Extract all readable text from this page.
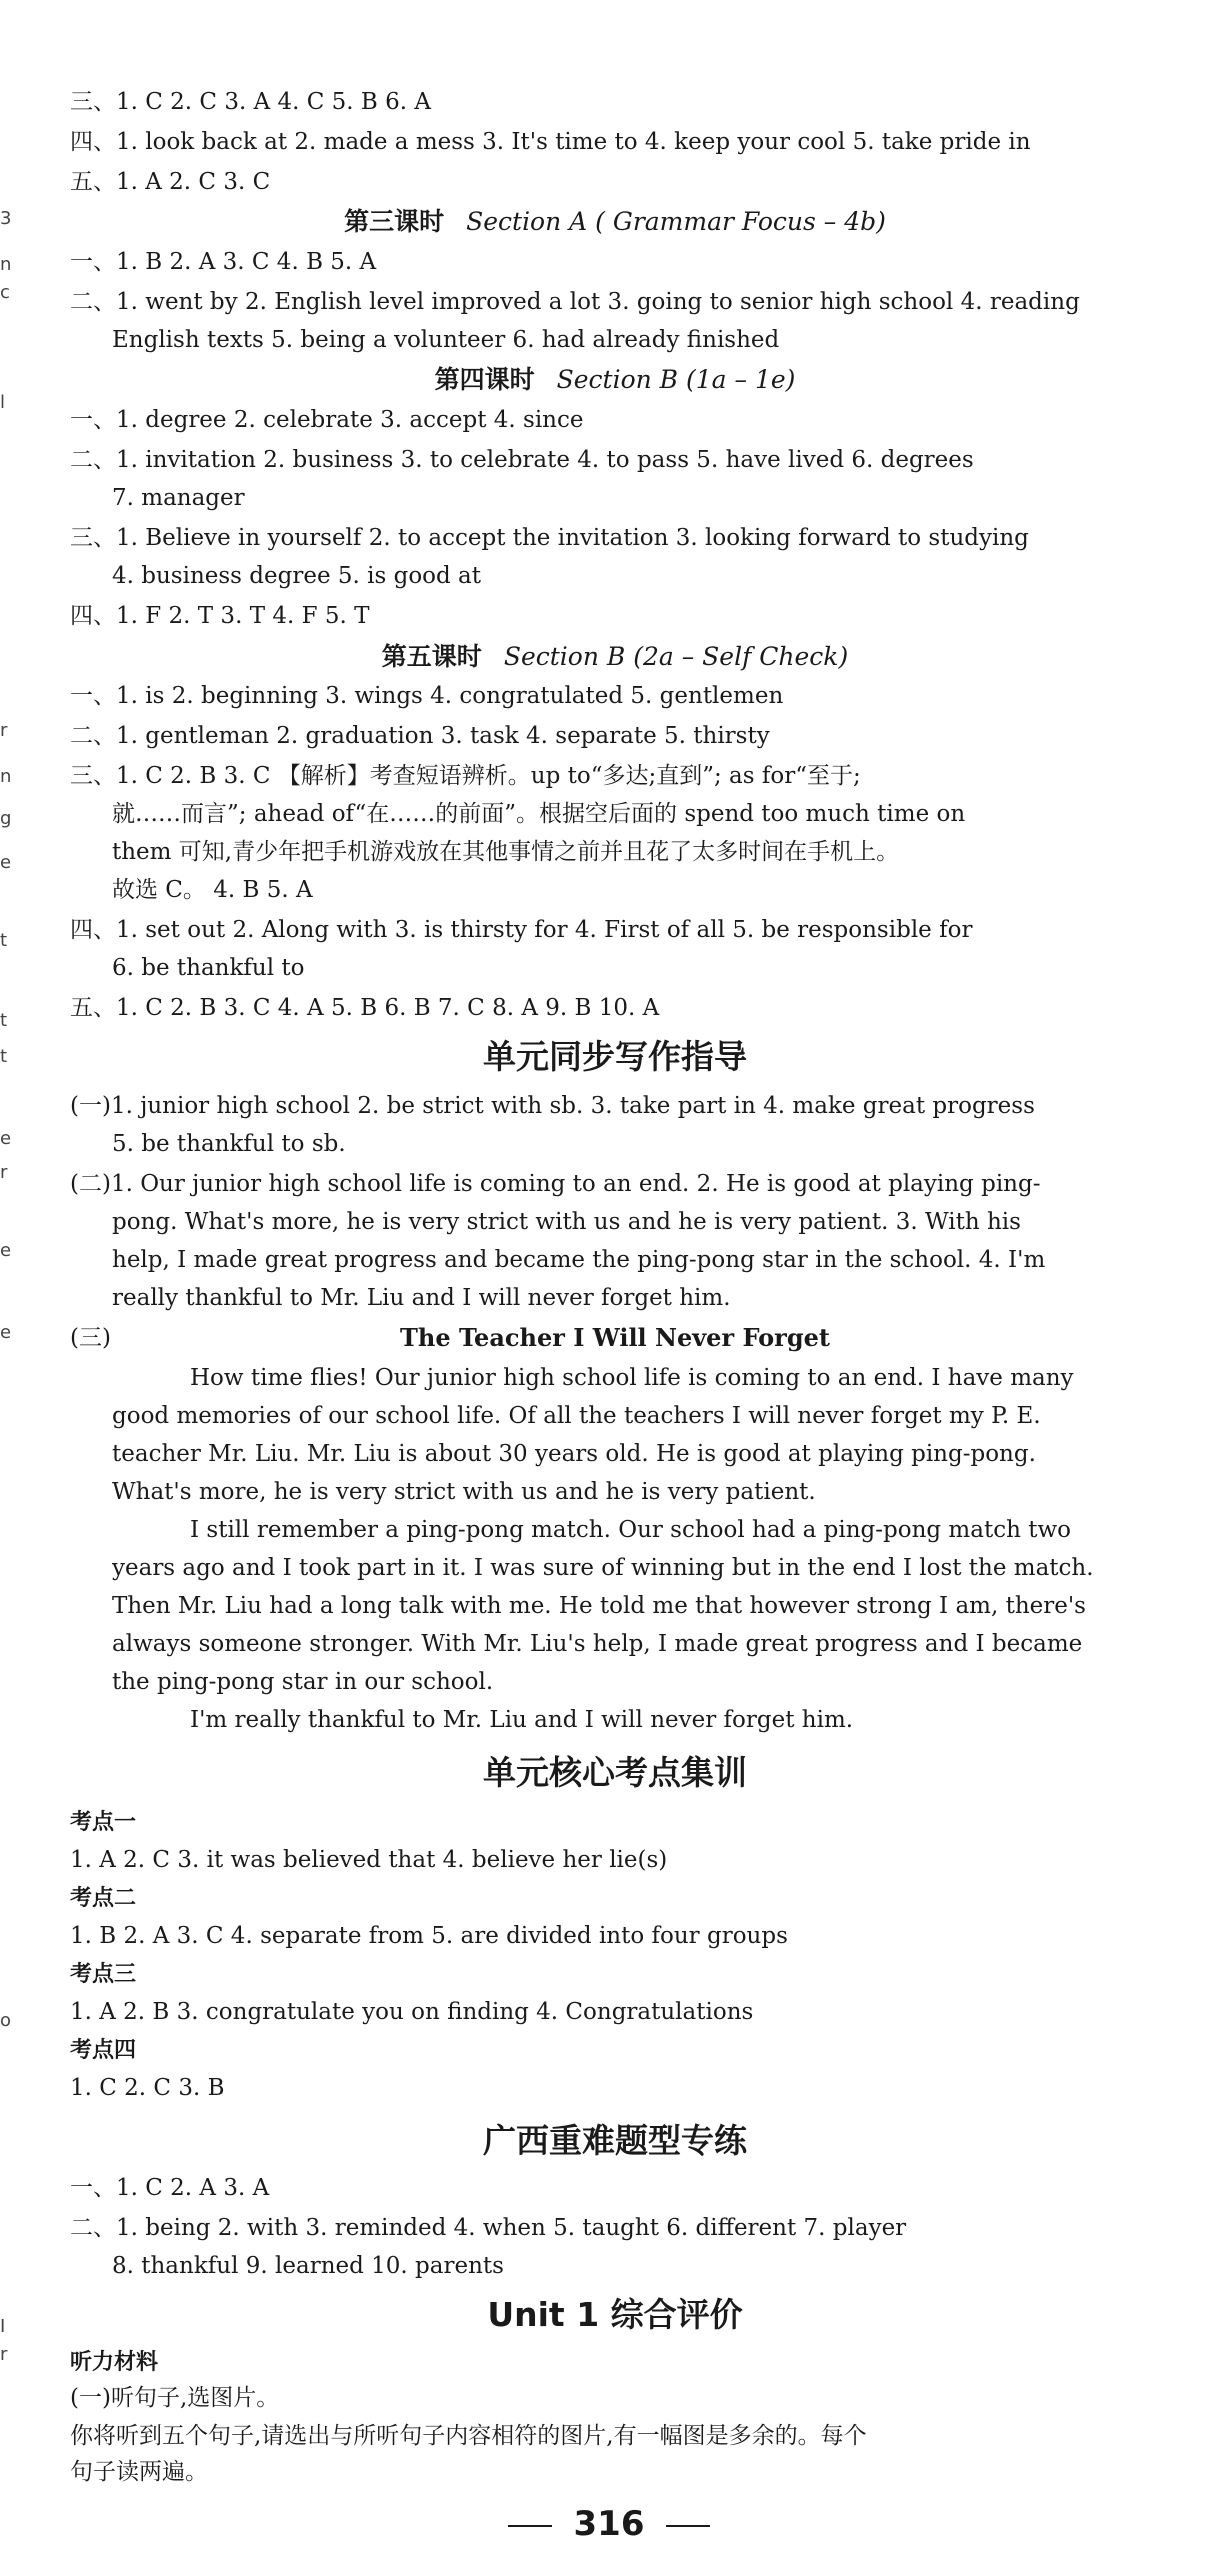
3
n
c
l
r
n
g
e
t
t
t
e
r
e
e
o
I
r
三、1. C 2. C 3. A 4. C 5. B 6. A
四、1. look back at 2. made a mess 3. It's time to 4. keep your cool 5. take pride in
五、1. A 2. C 3. C
第三课时 Section A ( Grammar Focus – 4b)
一、1. B 2. A 3. C 4. B 5. A
二、1. went by 2. English level improved a lot 3. going to senior high school 4. reading
English texts 5. being a volunteer 6. had already finished
第四课时 Section B (1a – 1e)
一、1. degree 2. celebrate 3. accept 4. since
二、1. invitation 2. business 3. to celebrate 4. to pass 5. have lived 6. degrees
7. manager
三、1. Believe in yourself 2. to accept the invitation 3. looking forward to studying
4. business degree 5. is good at
四、1. F 2. T 3. T 4. F 5. T
第五课时 Section B (2a – Self Check)
一、1. is 2. beginning 3. wings 4. congratulated 5. gentlemen
二、1. gentleman 2. graduation 3. task 4. separate 5. thirsty
三、1. C 2. B 3. C 【解析】考查短语辨析。up to“多达;直到”; as for“至于;
就……而言”; ahead of“在……的前面”。根据空后面的 spend too much time on
them 可知,青少年把手机游戏放在其他事情之前并且花了太多时间在手机上。
故选 C。 4. B 5. A
四、1. set out 2. Along with 3. is thirsty for 4. First of all 5. be responsible for
6. be thankful to
五、1. C 2. B 3. C 4. A 5. B 6. B 7. C 8. A 9. B 10. A
单元同步写作指导
(一)1. junior high school 2. be strict with sb. 3. take part in 4. make great progress
5. be thankful to sb.
(二)1. Our junior high school life is coming to an end. 2. He is good at playing ping-
pong. What's more, he is very strict with us and he is very patient. 3. With his
help, I made great progress and became the ping-pong star in the school. 4. I'm
really thankful to Mr. Liu and I will never forget him.
(三)	The Teacher I Will Never Forget
How time flies! Our junior high school life is coming to an end. I have many
good memories of our school life. Of all the teachers I will never forget my P. E.
teacher Mr. Liu. Mr. Liu is about 30 years old. He is good at playing ping-pong.
What's more, he is very strict with us and he is very patient.
I still remember a ping-pong match. Our school had a ping-pong match two
years ago and I took part in it. I was sure of winning but in the end I lost the match.
Then Mr. Liu had a long talk with me. He told me that however strong I am, there's
always someone stronger. With Mr. Liu's help, I made great progress and I became
the ping-pong star in our school.
I'm really thankful to Mr. Liu and I will never forget him.
单元核心考点集训
考点一
1. A 2. C 3. it was believed that 4. believe her lie(s)
考点二
1. B 2. A 3. C 4. separate from 5. are divided into four groups
考点三
1. A 2. B 3. congratulate you on finding 4. Congratulations
考点四
1. C 2. C 3. B
广西重难题型专练
一、1. C 2. A 3. A
二、1. being 2. with 3. reminded 4. when 5. taught 6. different 7. player
8. thankful 9. learned 10. parents
Unit 1 综合评价
听力材料
(一)听句子,选图片。
你将听到五个句子,请选出与所听句子内容相符的图片,有一幅图是多余的。每个
句子读两遍。
316
